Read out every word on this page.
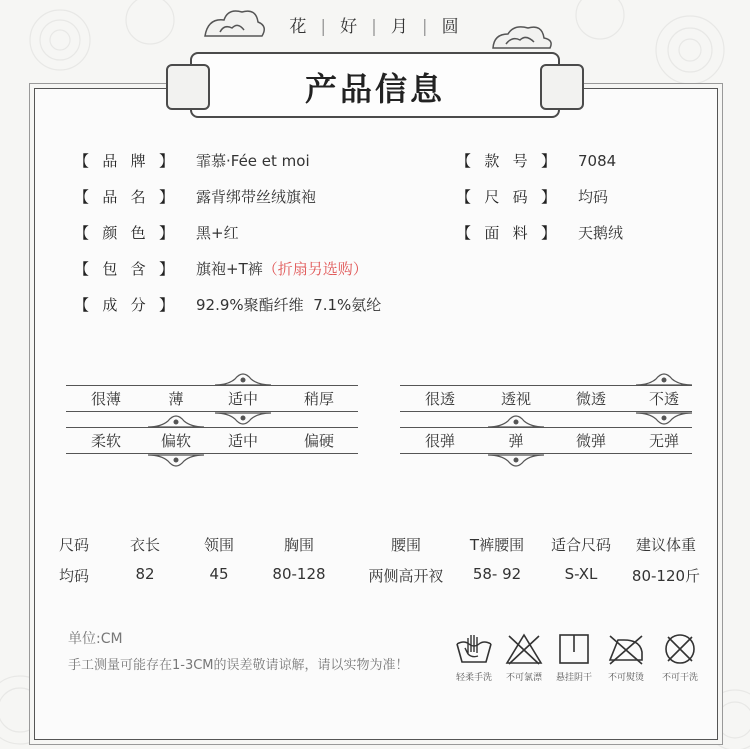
花 | 好 | 月 | 圆
产品信息
【 品 牌 】 霏慕·Fée et moi
【 品 名 】 露背绑带丝绒旗袍
【 颜 色 】 黑+红
【 包 含 】 旗袍+T裤 （折扇另选购）
【 成 分 】 92.9%聚酯纤维  7.1%氨纶
【 款 号 】 7084
【 尺 码 】 均码
【 面 料 】 天鹅绒
很薄	薄	适中	稍厚
柔软	偏软	适中	偏硬
很透	透视	微透	不透
很弹	弹	微弹	无弹
尺码	衣长	领围	胸围	腰围	T裤腰围	适合尺码	建议体重
均码	82	45	80-128	两侧高开衩	58- 92	S-XL	80-120斤
单位:CM
手工测量可能存在1-3CM的误差敬请谅解，请以实物为准！
轻柔手洗	不可氯漂	悬挂阴干	不可熨烫	不可干洗
